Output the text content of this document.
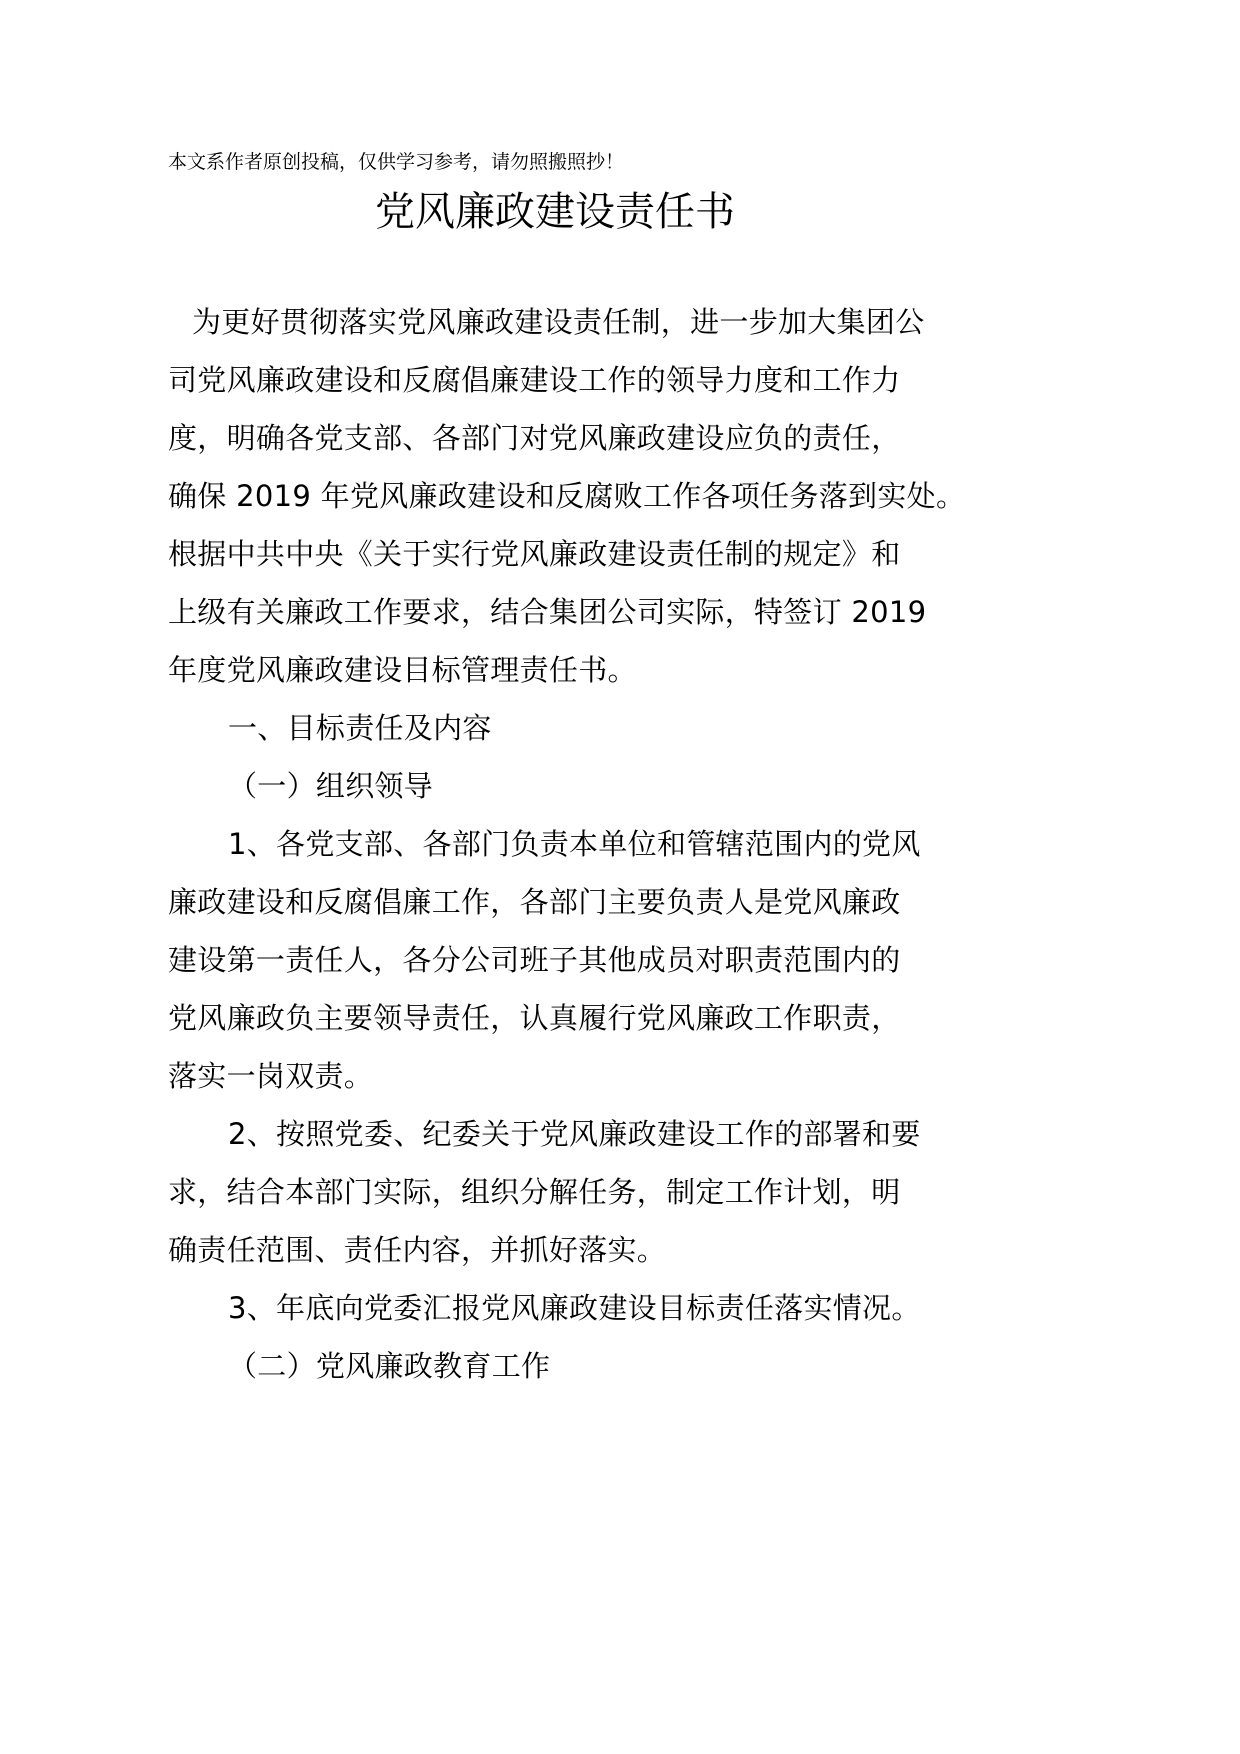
本文系作者原创投稿，仅供学习参考，请勿照搬照抄！
党风廉政建设责任书
为更好贯彻落实党风廉政建设责任制，进一步加大集团公
司党风廉政建设和反腐倡廉建设工作的领导力度和工作力
度，明确各党支部、各部门对党风廉政建设应负的责任，
确保 2019 年党风廉政建设和反腐败工作各项任务落到实处。
根据中共中央《关于实行党风廉政建设责任制的规定》和
上级有关廉政工作要求，结合集团公司实际，特签订 2019
年度党风廉政建设目标管理责任书。
一、目标责任及内容
（一）组织领导
1、各党支部、各部门负责本单位和管辖范围内的党风
廉政建设和反腐倡廉工作，各部门主要负责人是党风廉政
建设第一责任人，各分公司班子其他成员对职责范围内的
党风廉政负主要领导责任，认真履行党风廉政工作职责，
落实一岗双责。
2、按照党委、纪委关于党风廉政建设工作的部署和要
求，结合本部门实际，组织分解任务，制定工作计划，明
确责任范围、责任内容，并抓好落实。
3、年底向党委汇报党风廉政建设目标责任落实情况。
（二）党风廉政教育工作
